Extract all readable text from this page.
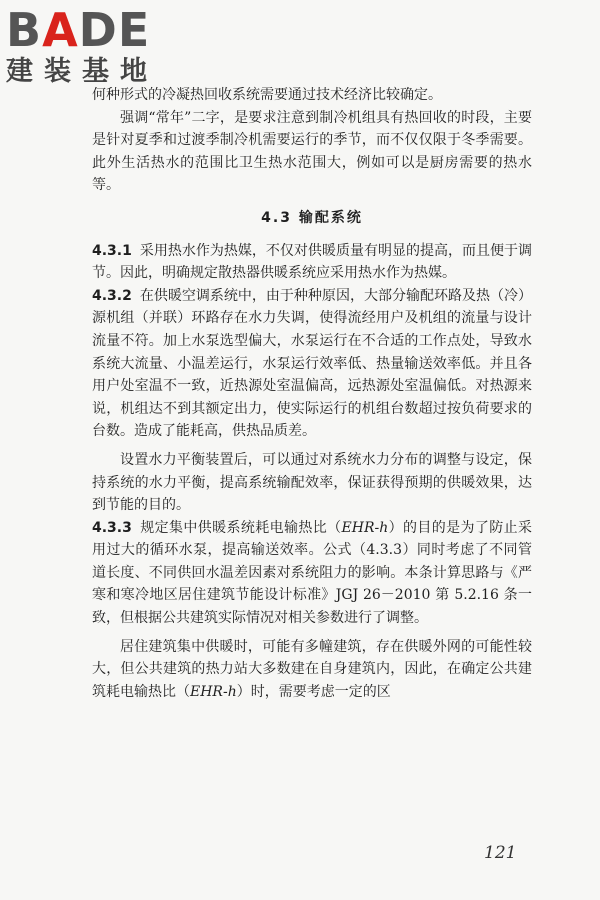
BADE
建装基地

何种形式的冷凝热回收系统需要通过技术经济比较确定。

强调“常年”二字，是要求注意到制冷机组具有热回收的时段，主要是针对夏季和过渡季制冷机需要运行的季节，而不仅仅限于冬季需要。此外生活热水的范围比卫生热水范围大，例如可以是厨房需要的热水等。

4.3 输配系统

4.3.1 采用热水作为热媒，不仅对供暖质量有明显的提高，而且便于调节。因此，明确规定散热器供暖系统应采用热水作为热媒。

4.3.2 在供暖空调系统中，由于种种原因，大部分输配环路及热（冷）源机组（并联）环路存在水力失调，使得流经用户及机组的流量与设计流量不符。加上水泵选型偏大，水泵运行在不合适的工作点处，导致水系统大流量、小温差运行，水泵运行效率低、热量输送效率低。并且各用户处室温不一致，近热源处室温偏高，远热源处室温偏低。对热源来说，机组达不到其额定出力，使实际运行的机组台数超过按负荷要求的台数。造成了能耗高，供热品质差。

设置水力平衡装置后，可以通过对系统水力分布的调整与设定，保持系统的水力平衡，提高系统输配效率，保证获得预期的供暖效果，达到节能的目的。

4.3.3 规定集中供暖系统耗电输热比（EHR-h）的目的是为了防止采用过大的循环水泵，提高输送效率。公式（4.3.3）同时考虑了不同管道长度、不同供回水温差因素对系统阻力的影响。本条计算思路与《严寒和寒冷地区居住建筑节能设计标准》JGJ 26－2010 第 5.2.16 条一致，但根据公共建筑实际情况对相关参数进行了调整。

居住建筑集中供暖时，可能有多幢建筑，存在供暖外网的可能性较大，但公共建筑的热力站大多数建在自身建筑内，因此，在确定公共建筑耗电输热比（EHR-h）时，需要考虑一定的区

121
